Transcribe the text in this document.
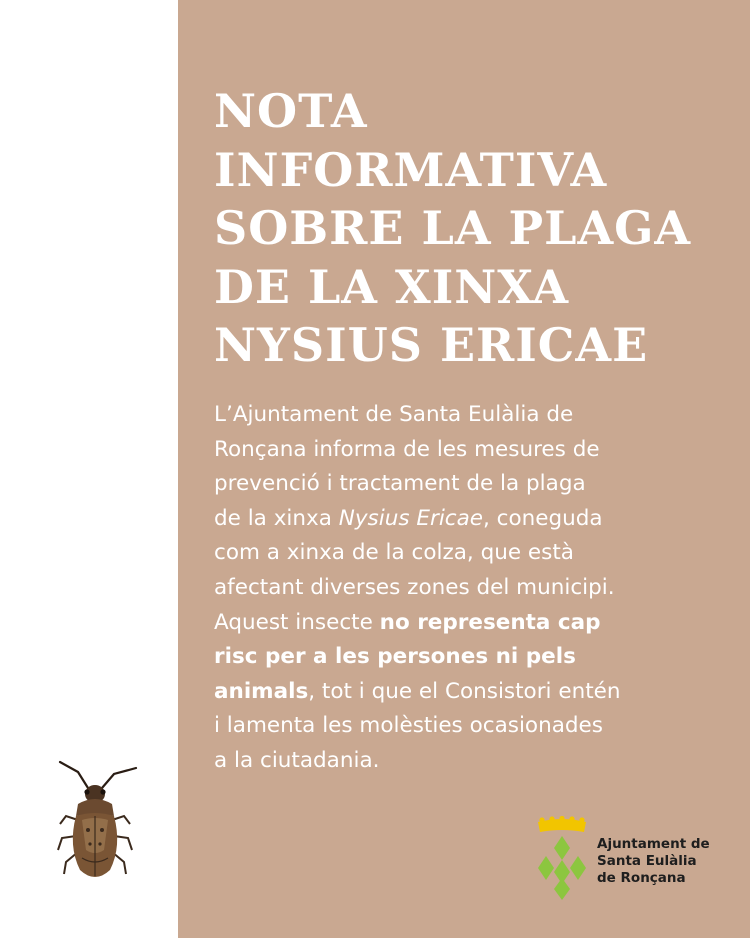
NOTA
INFORMATIVA
SOBRE LA PLAGA
DE LA XINXA
NYSIUS ERICAE

L’Ajuntament de Santa Eulàlia de
Ronçana informa de les mesures de
prevenció i tractament de la plaga
de la xinxa Nysius Ericae, coneguda
com a xinxa de la colza, que està
afectant diverses zones del municipi.
Aquest insecte no representa cap
risc per a les persones ni pels
animals, tot i que el Consistori entén
i lamenta les molèsties ocasionades
a la ciutadania.

Ajuntament de
Santa Eulàlia
de Ronçana
